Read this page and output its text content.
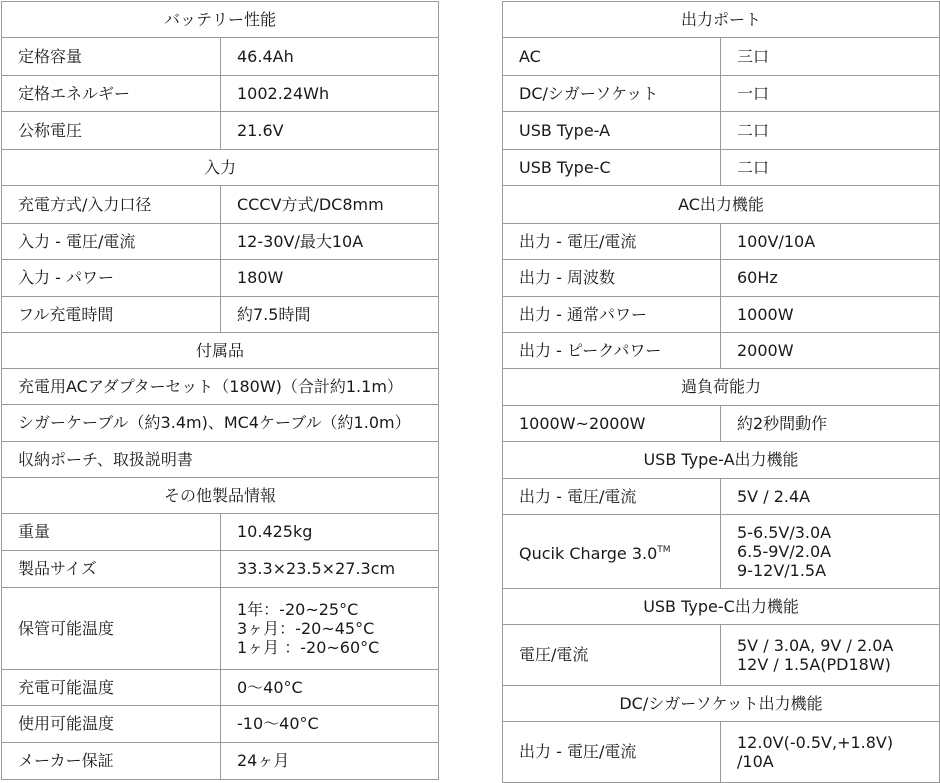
バッテリー性能	
定格容量	46.4Ah
定格エネルギー	1002.24Wh
公称電圧	21.6V
入力	
充電方式/入力口径	CCCV方式/DC8mm
入力 - 電圧/電流	12-30V/最大10A
入力 - パワー	180W
フル充電時間	約7.5時間
付属品	
充電用ACアダプターセット（180W)（合計約1.1m）	
シガーケーブル（約3.4m)、MC4ケーブル（約1.0m）	
収納ポーチ、取扱説明書	
その他製品情報	
重量	10.425kg
製品サイズ	33.3×23.5×27.3cm
保管可能温度	1年：-20~25°C
3ヶ月：-20~45°C
1ヶ月 ：-20~60°C
充電可能温度	0〜40°C
使用可能温度	-10〜40°C
メーカー保証	24ヶ月
出力ポート	
AC	三口
DC/シガーソケット	一口
USB Type-A	二口
USB Type-C	二口
AC出力機能	
出力 - 電圧/電流	100V/10A
出力 - 周波数	60Hz
出力 - 通常パワー	1000W
出力 - ピークパワー	2000W
過負荷能力	
1000W~2000W	約2秒間動作
USB Type-A出力機能	
出力 - 電圧/電流	5V / 2.4A
Qucik Charge 3.0™	5-6.5V/3.0A
6.5-9V/2.0A
9-12V/1.5A
USB Type-C出力機能	
電圧/電流	5V / 3.0A, 9V / 2.0A
12V / 1.5A(PD18W)
DC/シガーソケット出力機能	
出力 - 電圧/電流	12.0V(-0.5V,+1.8V)
/10A
